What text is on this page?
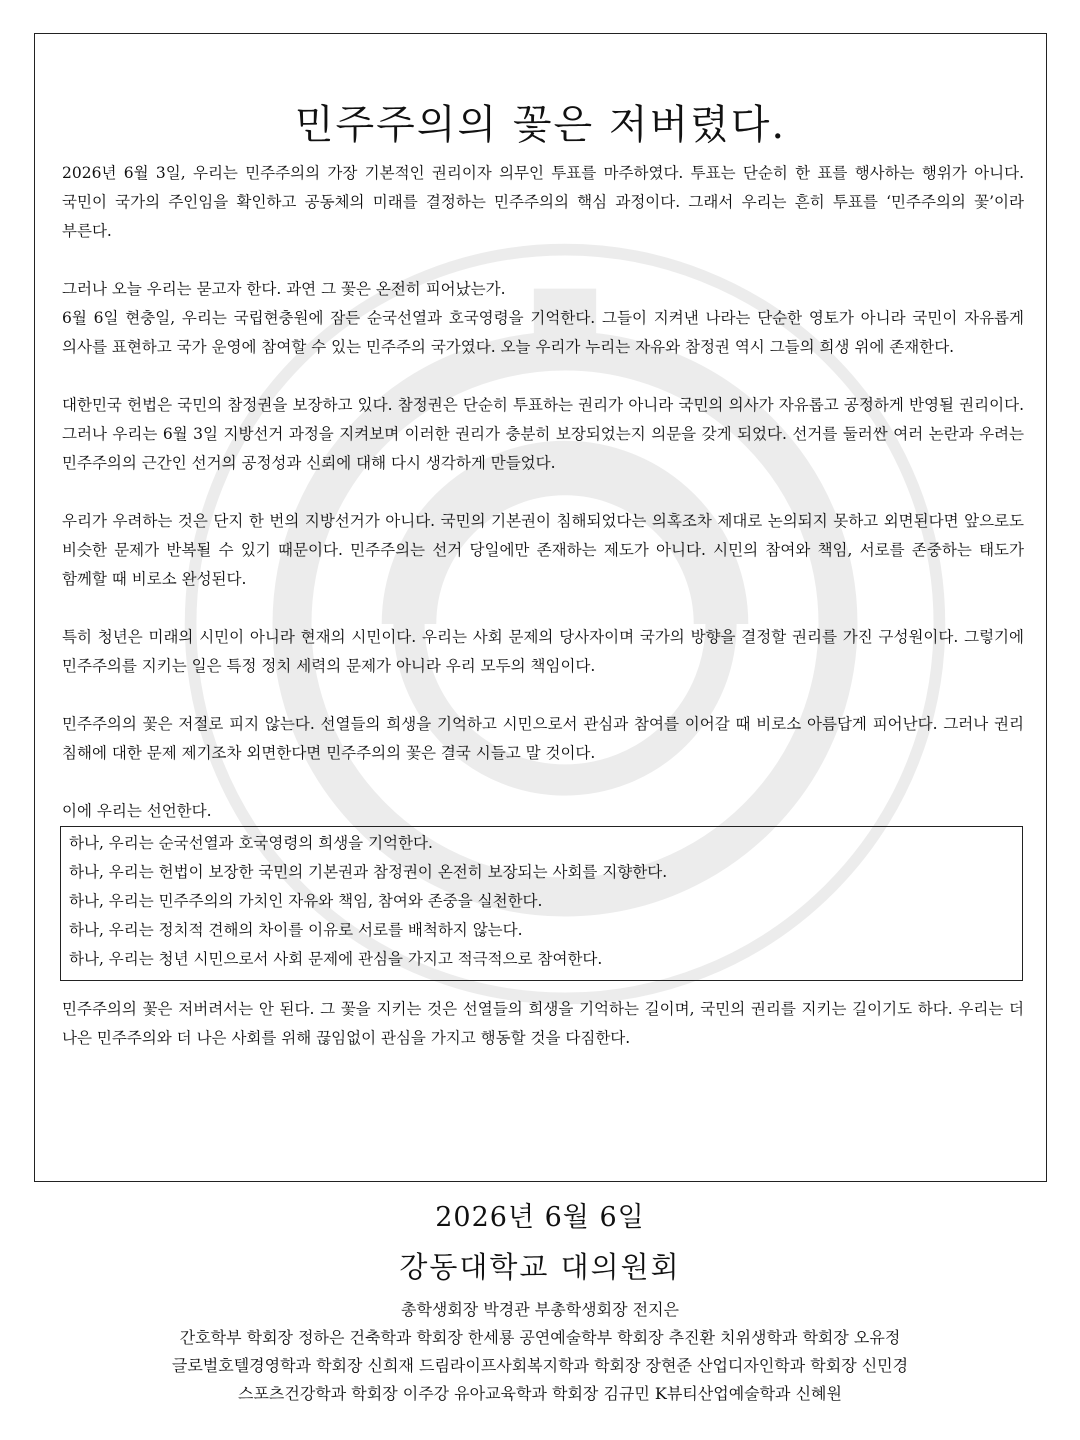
민주주의의 꽃은 저버렸다.

2026년 6월 3일, 우리는 민주주의의 가장 기본적인 권리이자 의무인 투표를 마주하였다. 투표는 단순히 한 표를 행사하는 행위가 아니다. 국민이 국가의 주인임을 확인하고 공동체의 미래를 결정하는 민주주의의 핵심 과정이다. 그래서 우리는 흔히 투표를 ‘민주주의의 꽃’이라 부른다.

그러나 오늘 우리는 묻고자 한다. 과연 그 꽃은 온전히 피어났는가.

6월 6일 현충일, 우리는 국립현충원에 잠든 순국선열과 호국영령을 기억한다. 그들이 지켜낸 나라는 단순한 영토가 아니라 국민이 자유롭게 의사를 표현하고 국가 운영에 참여할 수 있는 민주주의 국가였다. 오늘 우리가 누리는 자유와 참정권 역시 그들의 희생 위에 존재한다.

대한민국 헌법은 국민의 참정권을 보장하고 있다. 참정권은 단순히 투표하는 권리가 아니라 국민의 의사가 자유롭고 공정하게 반영될 권리이다. 그러나 우리는 6월 3일 지방선거 과정을 지켜보며 이러한 권리가 충분히 보장되었는지 의문을 갖게 되었다. 선거를 둘러싼 여러 논란과 우려는 민주주의의 근간인 선거의 공정성과 신뢰에 대해 다시 생각하게 만들었다.

우리가 우려하는 것은 단지 한 번의 지방선거가 아니다. 국민의 기본권이 침해되었다는 의혹조차 제대로 논의되지 못하고 외면된다면 앞으로도 비슷한 문제가 반복될 수 있기 때문이다. 민주주의는 선거 당일에만 존재하는 제도가 아니다. 시민의 참여와 책임, 서로를 존중하는 태도가 함께할 때 비로소 완성된다.

특히 청년은 미래의 시민이 아니라 현재의 시민이다. 우리는 사회 문제의 당사자이며 국가의 방향을 결정할 권리를 가진 구성원이다. 그렇기에 민주주의를 지키는 일은 특정 정치 세력의 문제가 아니라 우리 모두의 책임이다.

민주주의의 꽃은 저절로 피지 않는다. 선열들의 희생을 기억하고 시민으로서 관심과 참여를 이어갈 때 비로소 아름답게 피어난다. 그러나 권리 침해에 대한 문제 제기조차 외면한다면 민주주의의 꽃은 결국 시들고 말 것이다.

이에 우리는 선언한다.

하나, 우리는 순국선열과 호국영령의 희생을 기억한다.
하나, 우리는 헌법이 보장한 국민의 기본권과 참정권이 온전히 보장되는 사회를 지향한다.
하나, 우리는 민주주의의 가치인 자유와 책임, 참여와 존중을 실천한다.
하나, 우리는 정치적 견해의 차이를 이유로 서로를 배척하지 않는다.
하나, 우리는 청년 시민으로서 사회 문제에 관심을 가지고 적극적으로 참여한다.

민주주의의 꽃은 저버려서는 안 된다. 그 꽃을 지키는 것은 선열들의 희생을 기억하는 길이며, 국민의 권리를 지키는 길이기도 하다. 우리는 더 나은 민주주의와 더 나은 사회를 위해 끊임없이 관심을 가지고 행동할 것을 다짐한다.

2026년 6월 6일
강동대학교 대의원회
총학생회장 박경관 부총학생회장 전지은
간호학부 학회장 정하은 건축학과 학회장 한세룡 공연예술학부 학회장 추진환 치위생학과 학회장 오유정
글로벌호텔경영학과 학회장 신희재 드림라이프사회복지학과 학회장 장현준 산업디자인학과 학회장 신민경
스포츠건강학과 학회장 이주강 유아교육학과 학회장 김규민 K뷰티산업예술학과 신혜원
